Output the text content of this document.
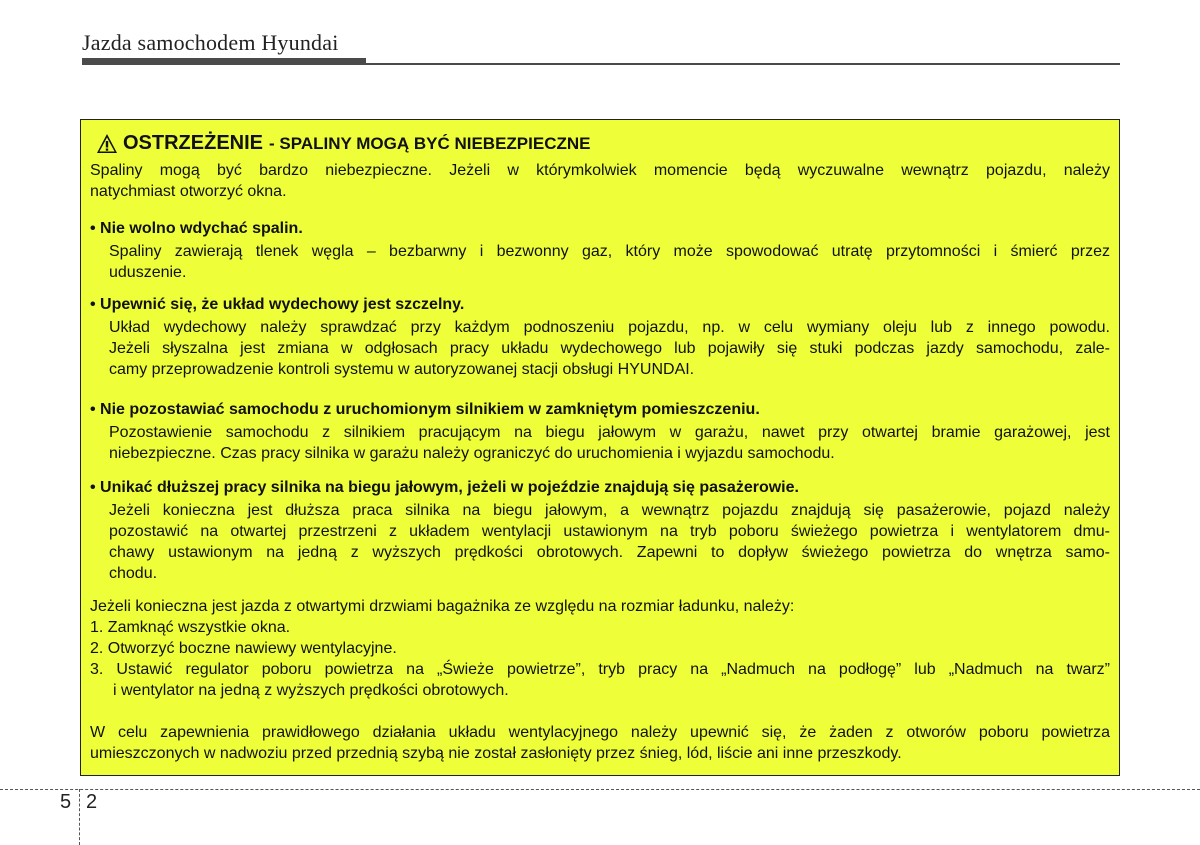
Jazda samochodem Hyundai
OSTRZEŻENIE - SPALINY MOGĄ BYĆ NIEBEZPIECZNE
Spaliny mogą być bardzo niebezpieczne. Jeżeli w którymkolwiek momencie będą wyczuwalne wewnątrz pojazdu, należy
natychmiast otworzyć okna.
• Nie wolno wdychać spalin.
Spaliny zawierają tlenek węgla – bezbarwny i bezwonny gaz, który może spowodować utratę przytomności i śmierć przez
uduszenie.
• Upewnić się, że układ wydechowy jest szczelny.
Układ wydechowy należy sprawdzać przy każdym podnoszeniu pojazdu, np. w celu wymiany oleju lub z innego powodu.
Jeżeli słyszalna jest zmiana w odgłosach pracy układu wydechowego lub pojawiły się stuki podczas jazdy samochodu, zale-
camy przeprowadzenie kontroli systemu w autoryzowanej stacji obsługi HYUNDAI.
• Nie pozostawiać samochodu z uruchomionym silnikiem w zamkniętym pomieszczeniu.
Pozostawienie samochodu z silnikiem pracującym na biegu jałowym w garażu, nawet przy otwartej bramie garażowej, jest
niebezpieczne. Czas pracy silnika w garażu należy ograniczyć do uruchomienia i wyjazdu samochodu.
• Unikać dłuższej pracy silnika na biegu jałowym, jeżeli w pojeździe znajdują się pasażerowie.
Jeżeli konieczna jest dłuższa praca silnika na biegu jałowym, a wewnątrz pojazdu znajdują się pasażerowie, pojazd należy
pozostawić na otwartej przestrzeni z układem wentylacji ustawionym na tryb poboru świeżego powietrza i wentylatorem dmu-
chawy ustawionym na jedną z wyższych prędkości obrotowych. Zapewni to dopływ świeżego powietrza do wnętrza samo-
chodu.
Jeżeli konieczna jest jazda z otwartymi drzwiami bagażnika ze względu na rozmiar ładunku, należy:
1. Zamknąć wszystkie okna.
2. Otworzyć boczne nawiewy wentylacyjne.
3. Ustawić regulator poboru powietrza na „Świeże powietrze”, tryb pracy na „Nadmuch na podłogę” lub „Nadmuch na twarz”
i wentylator na jedną z wyższych prędkości obrotowych.
W celu zapewnienia prawidłowego działania układu wentylacyjnego należy upewnić się, że żaden z otworów poboru powietrza
umieszczonych w nadwoziu przed przednią szybą nie został zasłonięty przez śnieg, lód, liście ani inne przeszkody.
5 2
